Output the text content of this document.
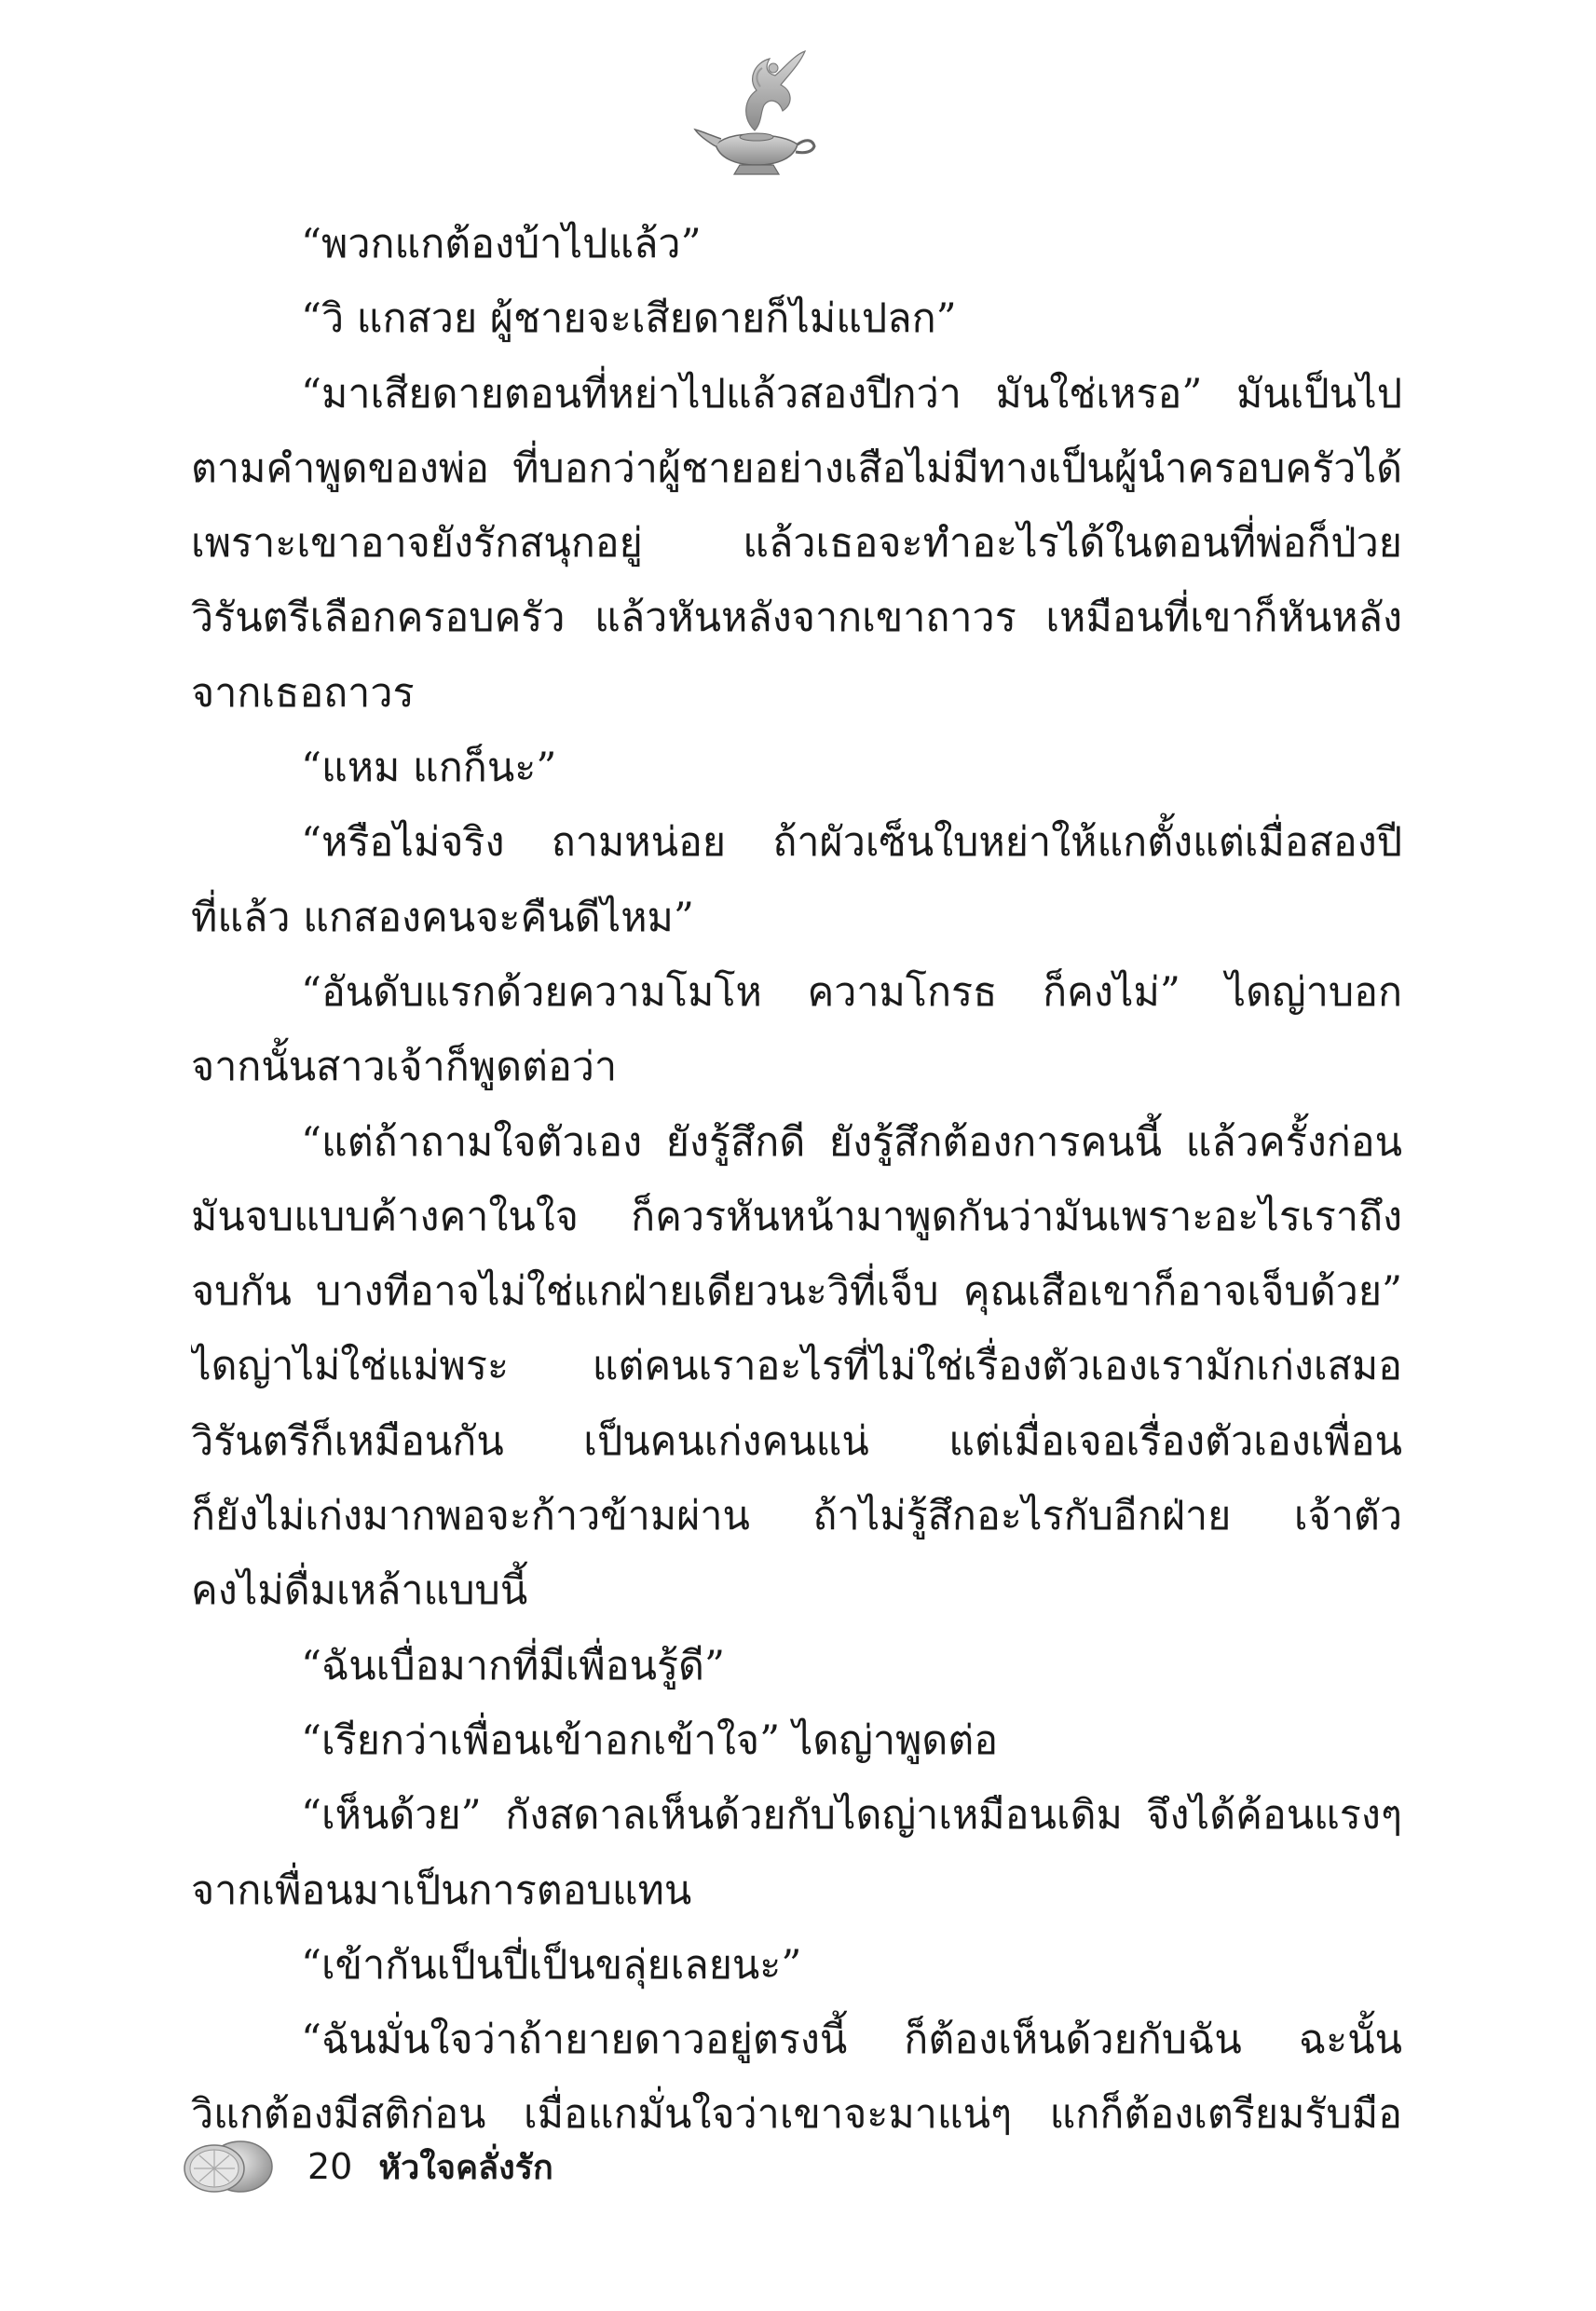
“พวกแกต้องบ้าไปแล้ว”
“วิ แกสวย ผู้ชายจะเสียดายก็ไม่แปลก”
“มาเสียดายตอนที่หย่าไปแล้วสองปีกว่า มันใช่เหรอ” มันเป็นไป
ตามคำพูดของพ่อ ที่บอกว่าผู้ชายอย่างเสือไม่มีทางเป็นผู้นำครอบครัวได้
เพราะเขาอาจยังรักสนุกอยู่ แล้วเธอจะทำอะไรได้ในตอนที่พ่อก็ป่วย
วิรันตรีเลือกครอบครัว แล้วหันหลังจากเขาถาวร เหมือนที่เขาก็หันหลัง
จากเธอถาวร
“แหม แกก็นะ”
“หรือไม่จริง ถามหน่อย ถ้าผัวเซ็นใบหย่าให้แกตั้งแต่เมื่อสองปี
ที่แล้ว แกสองคนจะคืนดีไหม”
“อันดับแรกด้วยความโมโห ความโกรธ ก็คงไม่” ไดญ่าบอก
จากนั้นสาวเจ้าก็พูดต่อว่า
“แต่ถ้าถามใจตัวเอง ยังรู้สึกดี ยังรู้สึกต้องการคนนี้ แล้วครั้งก่อน
มันจบแบบค้างคาในใจ ก็ควรหันหน้ามาพูดกันว่ามันเพราะอะไรเราถึง
จบกัน บางทีอาจไม่ใช่แกฝ่ายเดียวนะวิที่เจ็บ คุณเสือเขาก็อาจเจ็บด้วย”
ไดญ่าไม่ใช่แม่พระ แต่คนเราอะไรที่ไม่ใช่เรื่องตัวเองเรามักเก่งเสมอ
วิรันตรีก็เหมือนกัน เป็นคนเก่งคนแน่ แต่เมื่อเจอเรื่องตัวเองเพื่อน
ก็ยังไม่เก่งมากพอจะก้าวข้ามผ่าน ถ้าไม่รู้สึกอะไรกับอีกฝ่าย เจ้าตัว
คงไม่ดื่มเหล้าแบบนี้
“ฉันเบื่อมากที่มีเพื่อนรู้ดี”
“เรียกว่าเพื่อนเข้าอกเข้าใจ” ไดญ่าพูดต่อ
“เห็นด้วย” กังสดาลเห็นด้วยกับไดญ่าเหมือนเดิม จึงได้ค้อนแรงๆ
จากเพื่อนมาเป็นการตอบแทน
“เข้ากันเป็นปี่เป็นขลุ่ยเลยนะ”
“ฉันมั่นใจว่าถ้ายายดาวอยู่ตรงนี้ ก็ต้องเห็นด้วยกับฉัน ฉะนั้น
วิแกต้องมีสติก่อน เมื่อแกมั่นใจว่าเขาจะมาแน่ๆ แกก็ต้องเตรียมรับมือ
20 หัวใจคลั่งรัก
